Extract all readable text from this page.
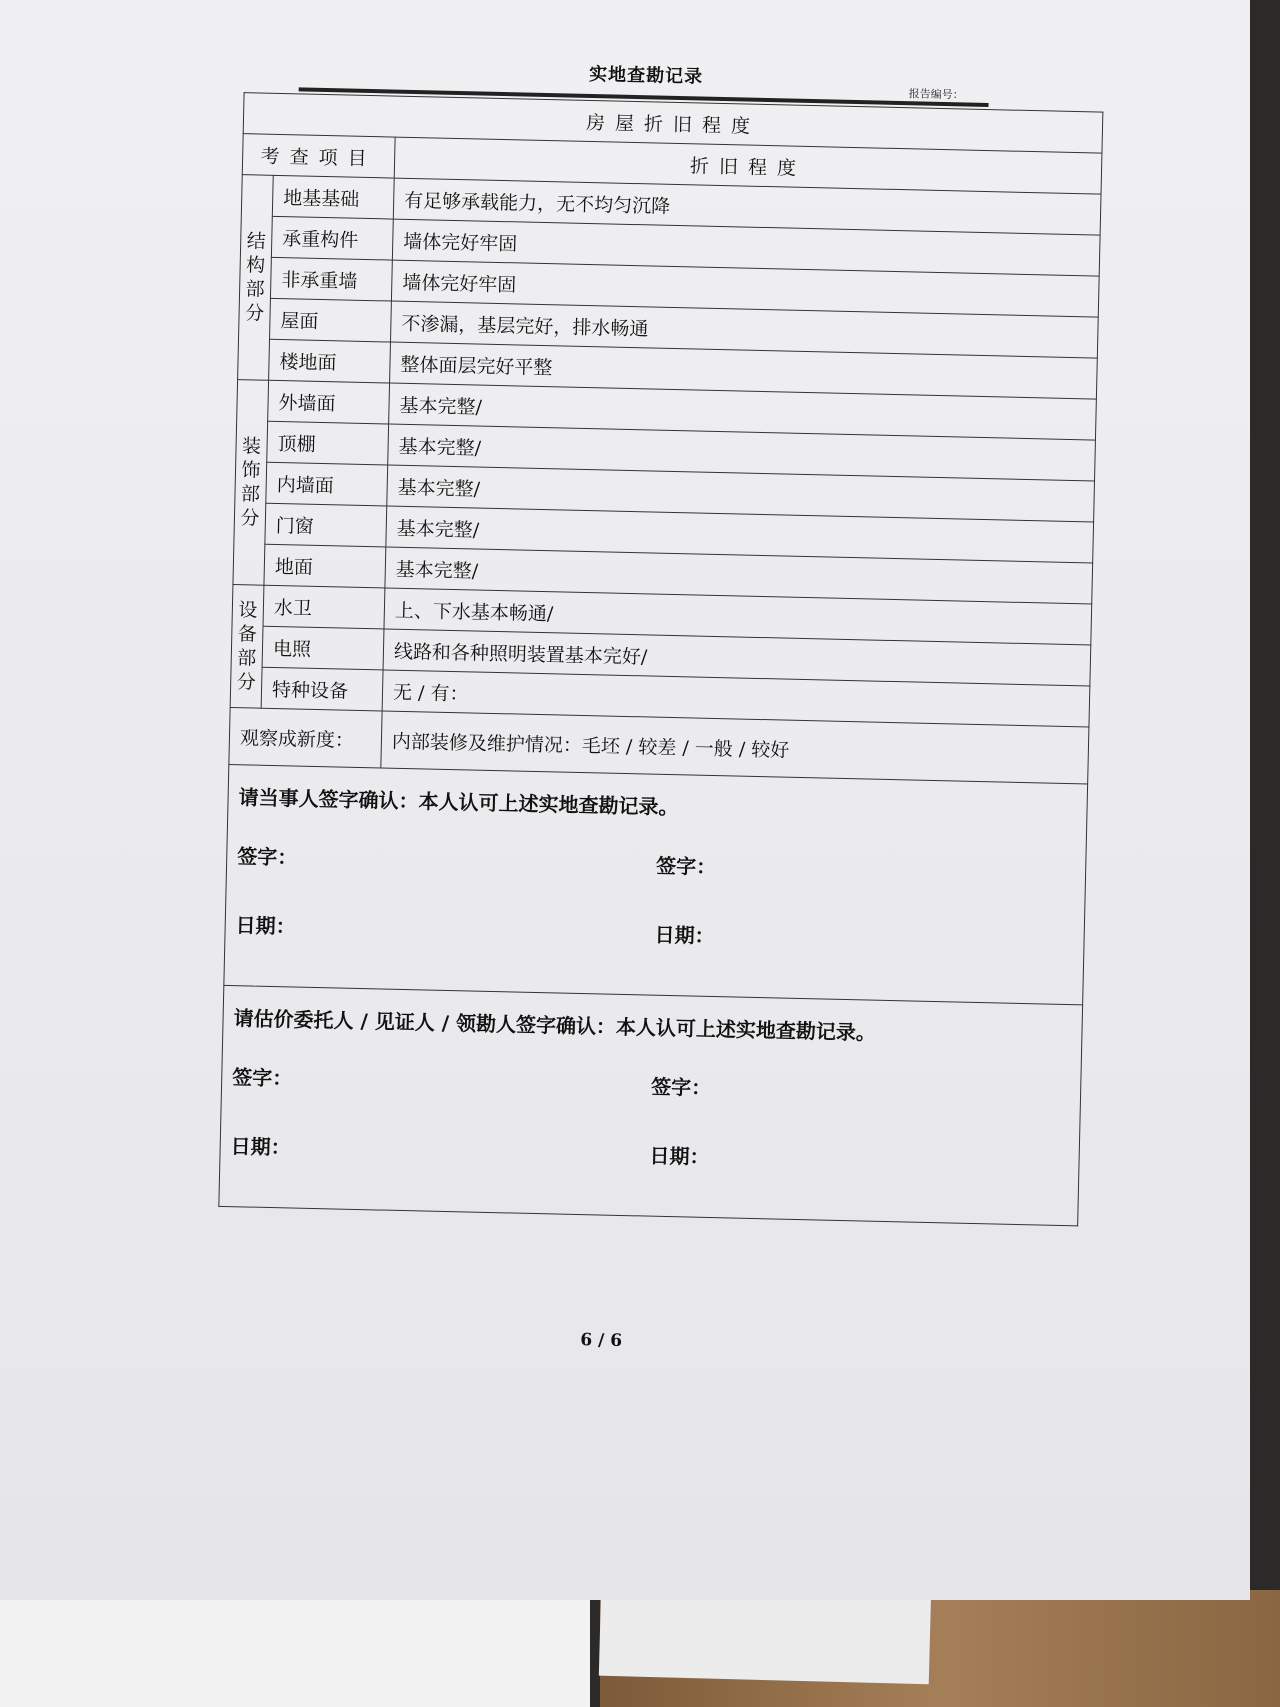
实地查勘记录
报告编号：
房屋折旧程度		
考查项目		折旧程度
结构部分	地基基础	有足够承载能力，无不均匀沉降
	承重构件	墙体完好牢固
	非承重墙	墙体完好牢固
	屋面	不渗漏，基层完好，排水畅通
	楼地面	整体面层完好平整
装饰部分	外墙面	基本完整/
	顶棚	基本完整/
	内墙面	基本完整/
	门窗	基本完整/
	地面	基本完整/
设备部分	水卫	上、下水基本畅通/
	电照	线路和各种照明装置基本完好/
	特种设备	无 / 有：
观察成新度：		内部装修及维护情况：毛坯 / 较差 / 一般 / 较好

请当事人签字确认：本人认可上述实地查勘记录。
签字： 签字：
日期： 日期：		

请估价委托人 / 见证人 / 领勘人签字确认：本人认可上述实地查勘记录。
签字： 签字：
日期： 日期：		
6 / 6
